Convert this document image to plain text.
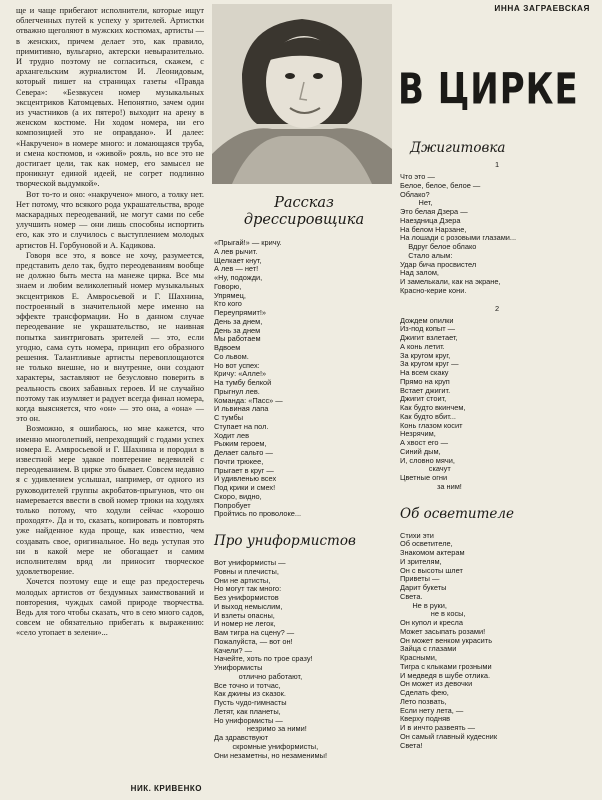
ще и чаще прибегают исполнители, которые ищут облегченных путей к успеху у зрителей. Артистки отважно щеголяют в мужских костюмах, артисты — в женских, причем делает это, как правило, примитивно, вульгарно, актерски невыразительно. И трудно поэтому не согласиться, скажем, с архангельским журналистом И. Леонидовым, который пишет на страницах газеты «Правда Севера»: «Безвкусен номер музыкальных эксцентриков Катомцевых. Непонятно, зачем один из участников (а их пятеро!) выходит на арену в женском костюме. Ни ходом номера, ни его композицией это не оправдано». И далее: «Накручено» в номере много: и ломающаяся труба, и смена костюмов, и «живой» рояль, но все это не достигает цели, так как номер, его замысел не проникнут единой идеей, не согрет подлинно творческой выдумкой».

Вот то-то и оно: «накручено» много, а толку нет. Нет потому, что всякого рода украшательства, вроде маскарадных переодеваний, не могут сами по себе улучшить номер — они лишь способны испортить его, как это и случилось с выступлением молодых артистов Н. Горбуновой и А. Кадикова.

Говоря все это, я вовсе не хочу, разумеется, представить дело так, будто переодеваниям вообще не должно быть места на манеже цирка. Все мы знаем и любим великолепный номер музыкальных эксцентриков Е. Амвросьевой и Г. Шахнина, построенный в значительной мере именно на эффекте трансформации. Но в данном случае переодевание не украшательство, не наивная попытка заинтриговать зрителей — это, если угодно, сама суть номера, принцип его образного решения. Талантливые артисты перевоплощаются не только внешне, но и внутренне, они создают характеры, заставляют не безусловно поверить в реальность своих забавных героев. И не случайно поэтому так изумляет и радует всегда финал номера, когда выясняется, что «он» — это она, а «она» — это он.

Возможно, я ошибаюсь, но мне кажется, что именно многолетний, непреходящий с годами успех номера Е. Амвросьевой и Г. Шахнина и породил в известной мере эдакое повтерение ведевилей с переодеванием. В цирке это бывает. Совсем недавно я с удивлением услышал, например, от одного из руководителей группы акробатов-прыгунов, что он намеревается ввести в свой номер трюки на ходулях только потому, что ходули сейчас «хорошо проходят». Да и то, сказать, копировать и повторять уже найденное куда проще, как известно, чем создавать свое, оригинальное. Но ведь уступая это ни в какой мере не обогащает и самим исполнителям вряд ли приносит творческое удовлетворение.

Хочется поэтому еще и еще раз предостеречь молодых артистов от бездумных заимствований и повторения, чуждых самой природе творчества. Ведь для того чтобы сказать, что в сею много садов, совсем не обязательно прибегать к выражению: «село утопает в зелени»...

НИК. КРИВЕНКО
Рассказ
дрессировщика
«Прыгай!» — кричу.
А лев рычит.
Щелкает кнут,
А лев — нет!
«Ну, подожди,
Говорю,
Упрямец,
Кто кого
Переупрямит!»
День за днем,
День за днем
Мы работаем
Вдвоем
Со львом.
Но вот успех:
Кричу: «Алле!»
На тумбу белкой
Прыгнул лев.
Команда: «Пасс» —
И львиная лапа
С тумбы
Ступает на пол.
Ходит лев
Рыжим героем,
Делает сальто —
Почти трюкее,
Прыгает в круг —
И удивленью всех
Под крики и смех!
Скоро, видно,
Попробует
Пройтись по проволоке...
Про униформистов
Вот униформисты —
Ровны и плечисты,
Они не артисты,
Но могут так много:
Без униформистов
И выход немыслим,
И взлеты опасны,
И номер не легок,
Вам тигра на сцену? —
Пожалуйста, — вот он!
Качели? —
Начейте, хоть по трое сразу!
Униформисты
отлично работают,
Все точно и тотчас,
Как джины из сказок.
Пусть чудо-гимнасты
Летят, как планеты,
Но униформисты —
незримо за ними!
Да здравствуют
скромные униформисты,
Они незаметны, но незаменимы!
ИННА ЗАГРАЕВСКАЯ
В ЦИРКЕ
Джигитовка
1
Что это —
Белое, белое, белое —
Облако?
Нет,
Это белая Дзера —
Наездница Дзера
На белом Нарзане,
На лошади с розовыми глазами...
Вдруг белое облако
Стало алым:
Удар бича просвистел
Над залом,
И замелькали, как на экране,
Красно-керие кони.
2
Дождем опилки
Из-под копыт —
Джигит взлетает,
А конь летит.
За кругом круг,
За кругом круг —
На всем скаку
Прямо на круп
Встает джигит.
Джигит стоит,
Как будто вкинчем,
Как будто вбит...
Конь глазом косит
Незрячим,
А хвост его —
Синий дым,
И, словно мячи,
скачут
Цветные огни
за ним!
Об осветителе
Стихи эти
Об осветителе,
Знакомом актерам
И зрителям,
Он с высоты шлет
Приветы —
Дарит букеты
Света.
Не в руки,
не в косы,
Он купол и кресла
Может засыпать розами!
Он может венком украсить
Зайца с глазами
Красными,
Тигра с клыками грозными
И медведя в шубе отлика.
Он может из девочки
Сделать фею,
Лето позвать,
Если нету лета, —
Кверху подняв
И в инчто развеять —
Он самый главный кудесник
Света!
